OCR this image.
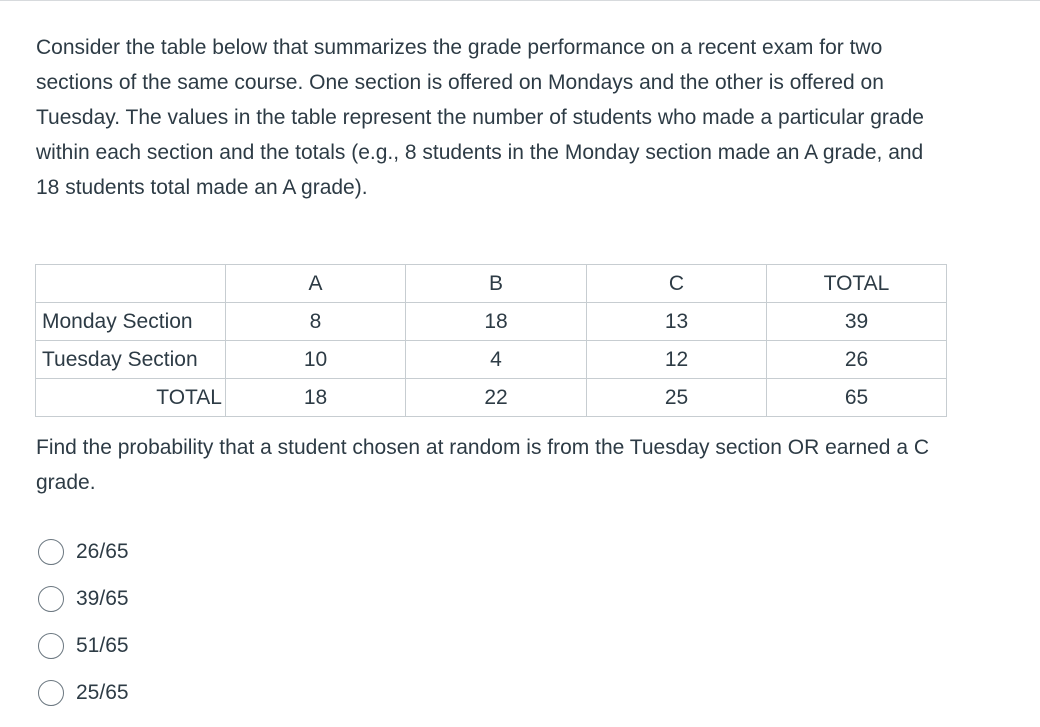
Consider the table below that summarizes the grade performance on a recent exam for two sections of the same course. One section is offered on Mondays and the other is offered on Tuesday. The values in the table represent the number of students who made a particular grade within each section and the totals (e.g., 8 students in the Monday section made an A grade, and 18 students total made an A grade).

	A	B	C	TOTAL
Monday Section	8	18	13	39
Tuesday Section	10	4	12	26
TOTAL	18	22	25	65

Find the probability that a student chosen at random is from the Tuesday section OR earned a C grade.

26/65
39/65
51/65
25/65
